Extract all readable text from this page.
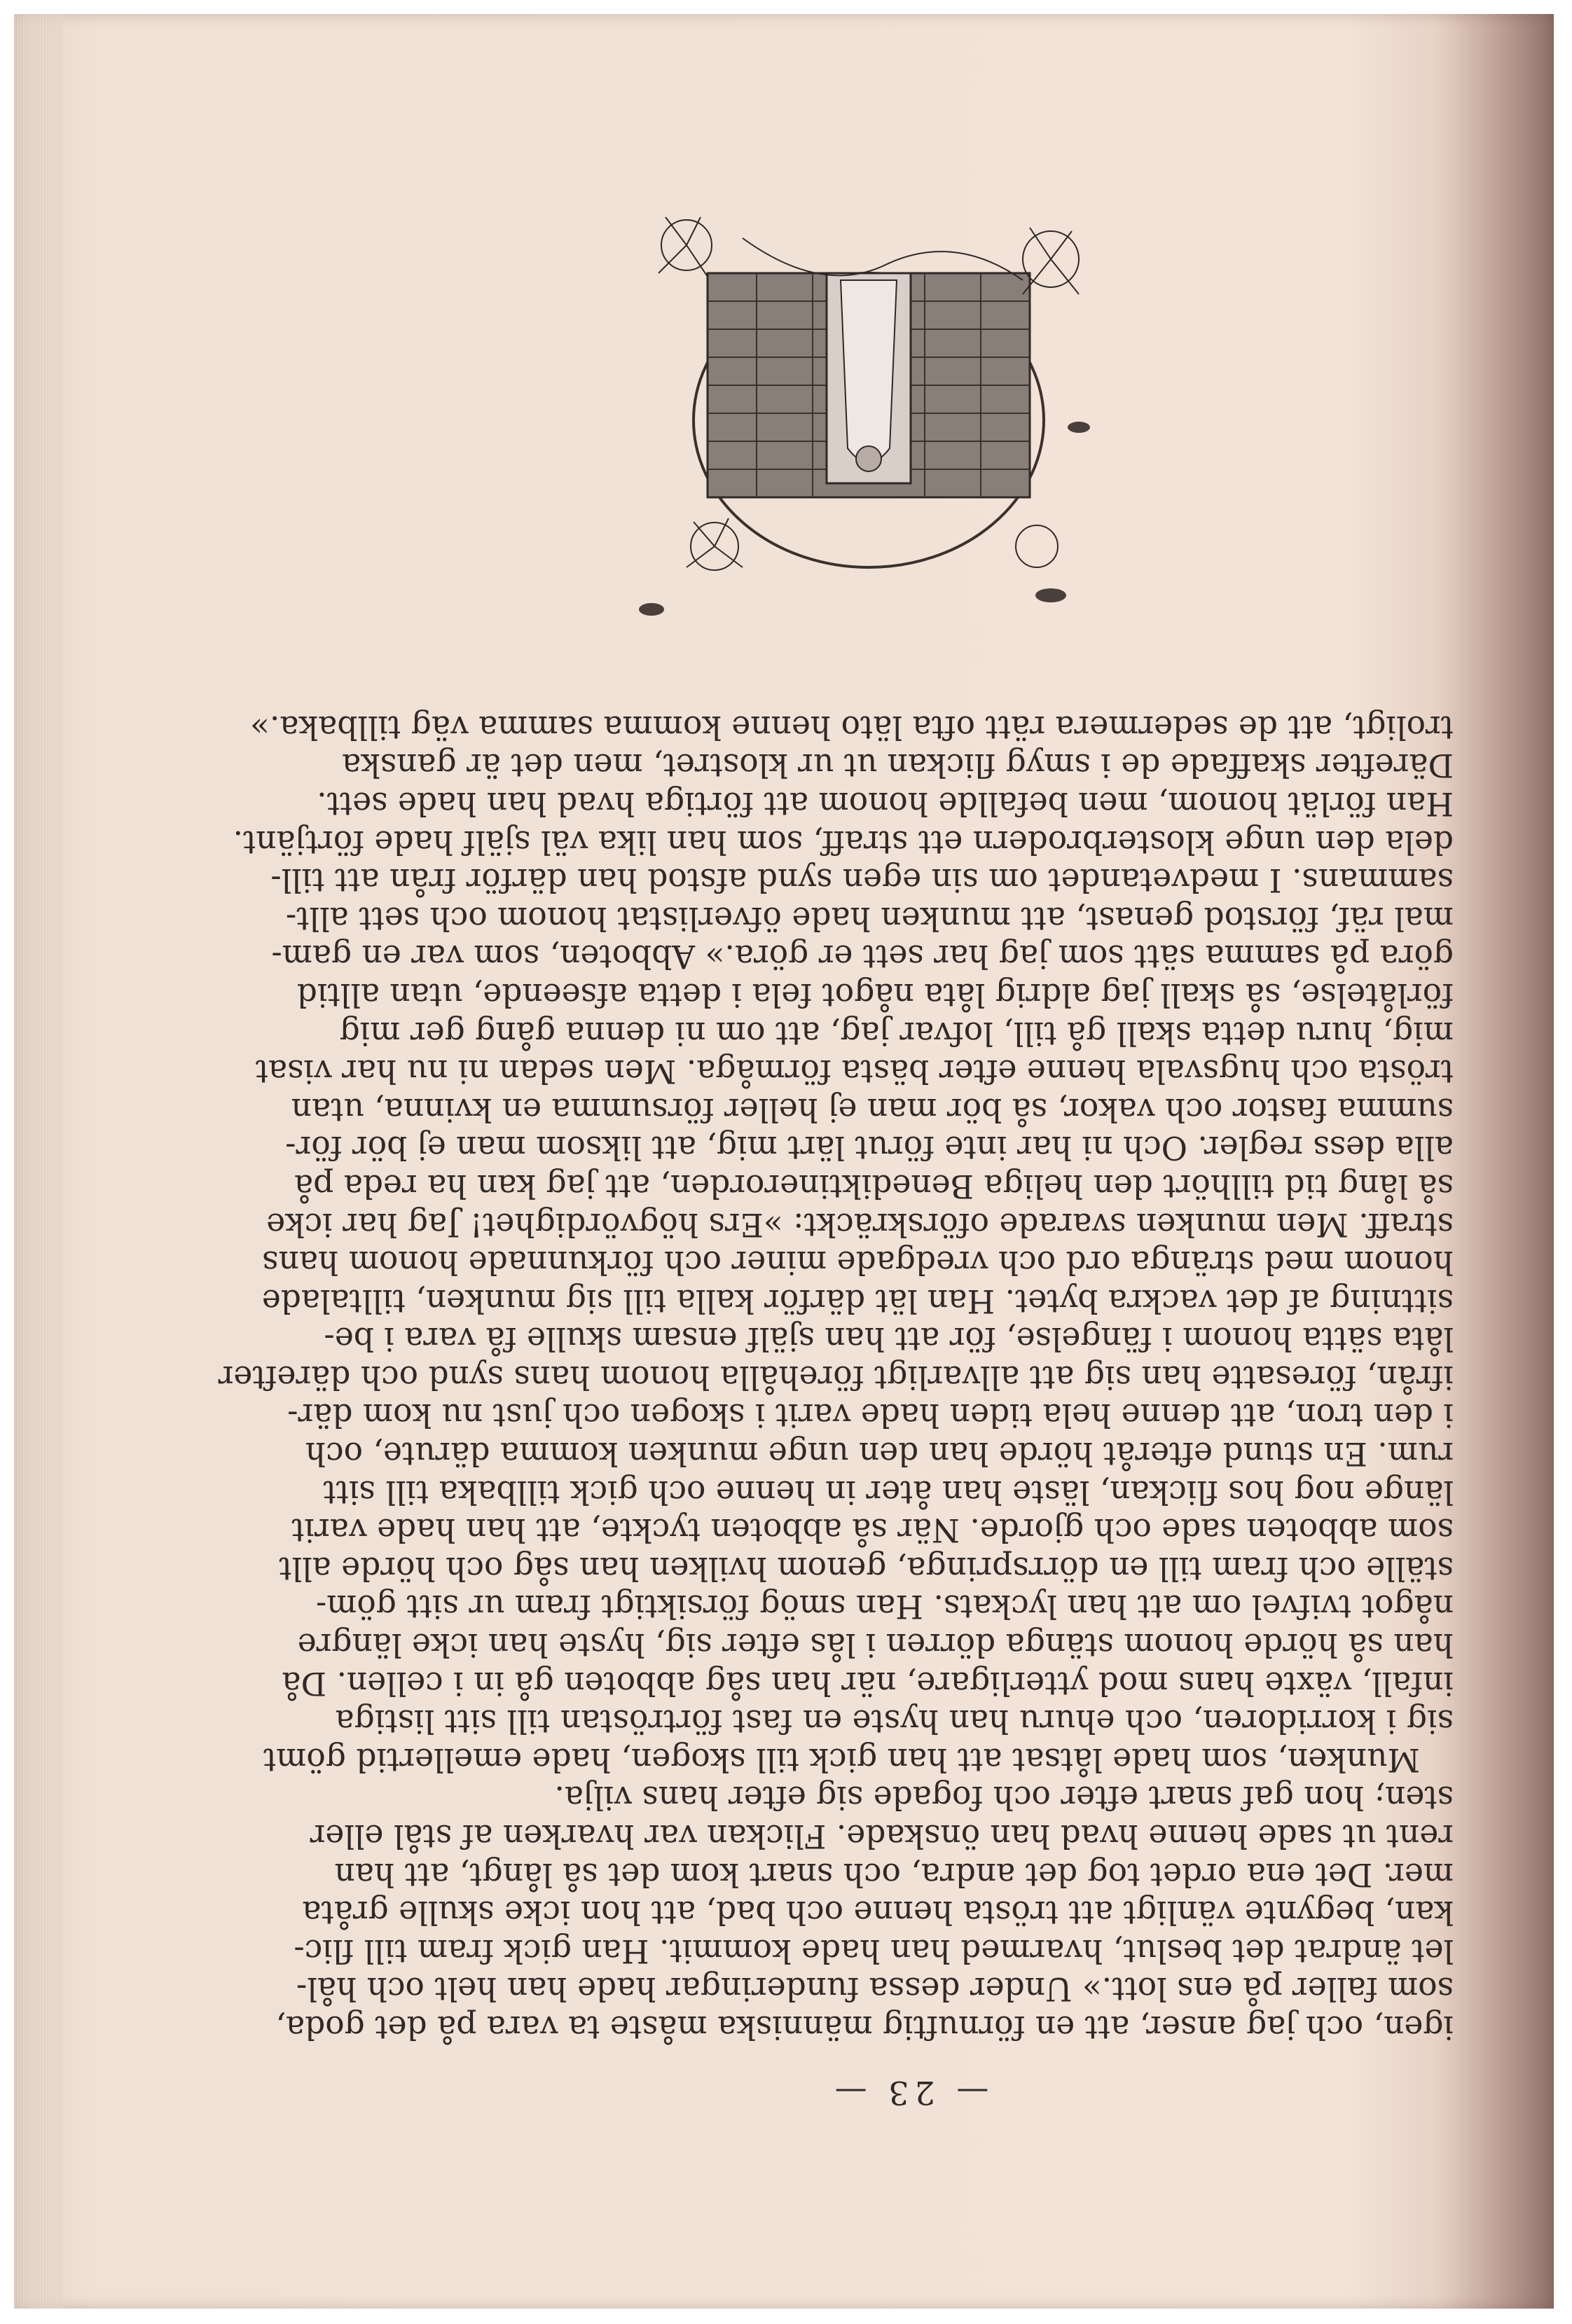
— 23 —
igen, och jag anser, att en förnuftig människa måste ta vara på det goda,
som faller på ens lott.» Under dessa funderingar hade han helt och hål-
let ändrat det beslut, hvarmed han hade kommit. Han gick fram till flic-
kan, begynte vänligt att trösta henne och bad, att hon icke skulle gråta
mer. Det ena ordet tog det andra, och snart kom det så långt, att han
rent ut sade henne hvad han önskade. Flickan var hvarken af stål eller
sten; hon gaf snart efter och fogade sig efter hans vilja.
Munken, som hade låtsat att han gick till skogen, hade emellertid gömt
sig i korridoren, och ehuru han hyste en fast förtröstan till sitt listiga
infall, växte hans mod ytterligare, när han såg abboten gå in i cellen. Då
han så hörde honom stänga dörren i lås efter sig, hyste han icke längre
något tvifvel om att han lyckats. Han smög försiktigt fram ur sitt göm-
ställe och fram till en dörrspringa, genom hvilken han såg och hörde allt
som abboten sade och gjorde. När så abboten tyckte, att han hade varit
länge nog hos flickan, läste han åter in henne och gick tillbaka till sitt
rum. En stund efteråt hörde han den unge munken komma därute, och
i den tron, att denne hela tiden hade varit i skogen och just nu kom där-
ifrån, föresatte han sig att allvarligt förehålla honom hans synd och därefter
låta sätta honom i fängelse, för att han själf ensam skulle få vara i be-
sittning af det vackra bytet. Han lät därför kalla till sig munken, tilltalade
honom med stränga ord och vredgade miner och förkunnade honom hans
straff. Men munken svarade oförskräckt: »Ers högvördighet! Jag har icke
så lång tid tillhört den heliga Benediktinerorden, att jag kan ha reda på
alla dess regler. Och ni har inte förut lärt mig, att liksom man ej bör för-
summa fastor och vakor, så bör man ej heller försumma en kvinna, utan
trösta och hugsvala henne efter bästa förmåga. Men sedan ni nu har visat
mig, huru detta skall gå till, lofvar jag, att om ni denna gång ger mig
förlåtelse, så skall jag aldrig låta något fela i detta afseende, utan alltid
göra på samma sätt som jag har sett er göra.» Abboten, som var en gam-
mal räf, förstod genast, att munken hade öfverlistat honom och sett allt-
sammans. I medvetandet om sin egen synd afstod han därför från att till-
dela den unge klosterbrodern ett straff, som han lika väl själf hade förtjänt.
Han förlät honom, men befallde honom att förtiga hvad han hade sett.
Därefter skaffade de i smyg flickan ut ur klostret, men det är ganska
troligt, att de sedermera rätt ofta läto henne komma samma väg tillbaka.»
